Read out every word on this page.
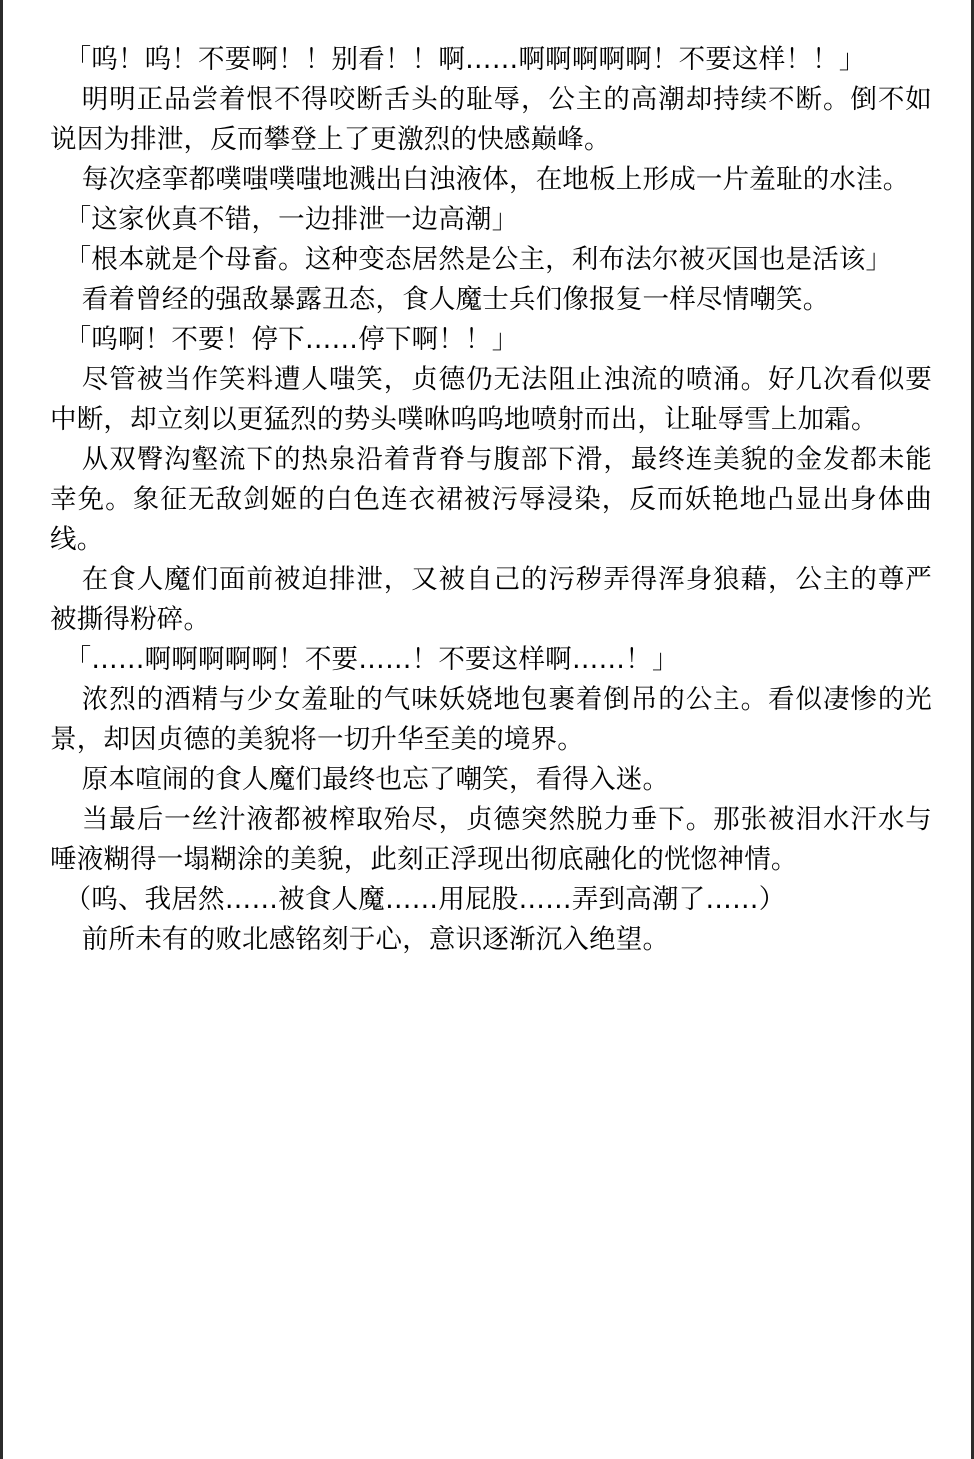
「呜！呜！不要啊！！别看！！啊……啊啊啊啊啊！不要这样！！」

明明正品尝着恨不得咬断舌头的耻辱，公主的高潮却持续不断。倒不如说因为排泄，反而攀登上了更激烈的快感巅峰。

每次痉挛都噗嗤噗嗤地溅出白浊液体，在地板上形成一片羞耻的水洼。

「这家伙真不错，一边排泄一边高潮」

「根本就是个母畜。这种变态居然是公主，利布法尔被灭国也是活该」

看着曾经的强敌暴露丑态，食人魔士兵们像报复一样尽情嘲笑。

「呜啊！不要！停下……停下啊！！」

尽管被当作笑料遭人嗤笑，贞德仍无法阻止浊流的喷涌。好几次看似要中断，却立刻以更猛烈的势头噗咻呜呜地喷射而出，让耻辱雪上加霜。

从双臀沟壑流下的热泉沿着背脊与腹部下滑，最终连美貌的金发都未能幸免。象征无敌剑姬的白色连衣裙被污辱浸染，反而妖艳地凸显出身体曲线。

在食人魔们面前被迫排泄，又被自己的污秽弄得浑身狼藉，公主的尊严被撕得粉碎。

「……啊啊啊啊啊！不要……！不要这样啊……！」

浓烈的酒精与少女羞耻的气味妖娆地包裹着倒吊的公主。看似凄惨的光景，却因贞德的美貌将一切升华至美的境界。

原本喧闹的食人魔们最终也忘了嘲笑，看得入迷。

当最后一丝汁液都被榨取殆尽，贞德突然脱力垂下。那张被泪水汗水与唾液糊得一塌糊涂的美貌，此刻正浮现出彻底融化的恍惚神情。

（呜、我居然……被食人魔……用屁股……弄到高潮了……）

前所未有的败北感铭刻于心，意识逐渐沉入绝望。
